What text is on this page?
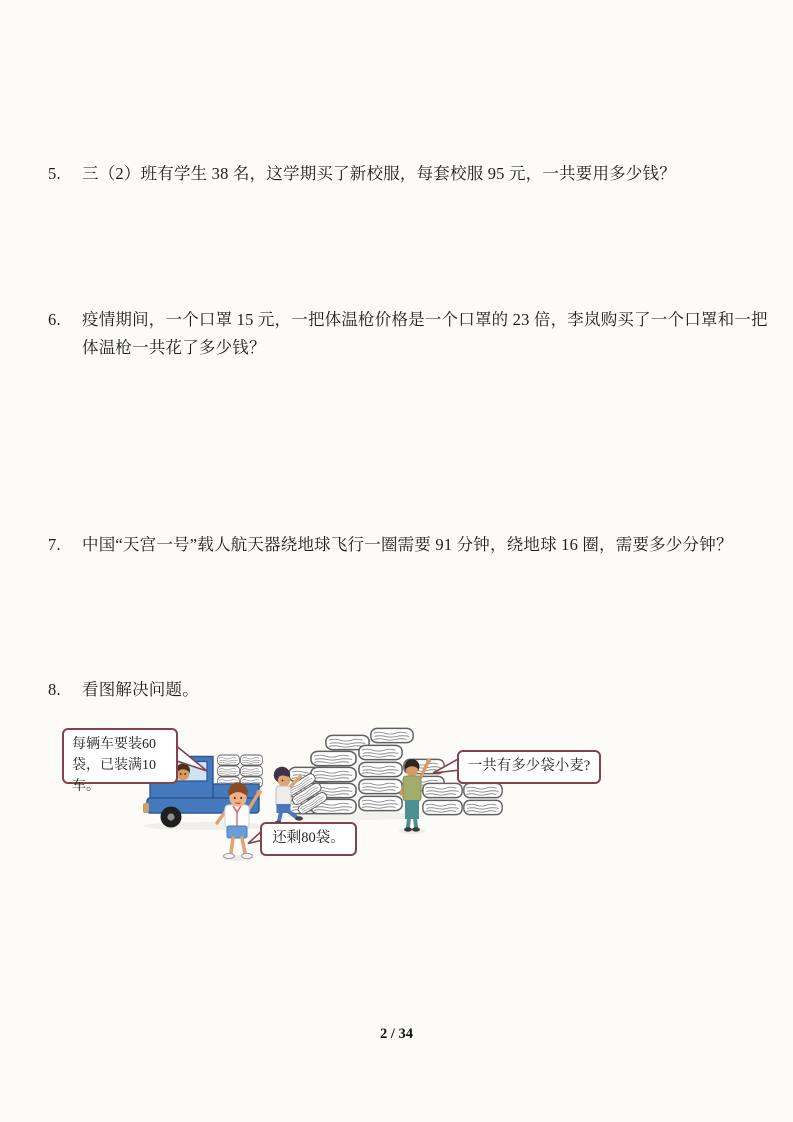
5.	三（2）班有学生 38 名，这学期买了新校服，每套校服 95 元，一共要用多少钱？
6.	疫情期间，一个口罩 15 元，一把体温枪价格是一个口罩的 23 倍，李岚购买了一个口罩和一把
体温枪一共花了多少钱？
7.	中国“天宫一号”载人航天器绕地球飞行一圈需要 91 分钟，绕地球 16 圈，需要多少分钟？
8.	看图解决问题。
每辆车要装60
袋，已装满10车。
还剩80袋。
一共有多少袋小麦?
2 / 34
